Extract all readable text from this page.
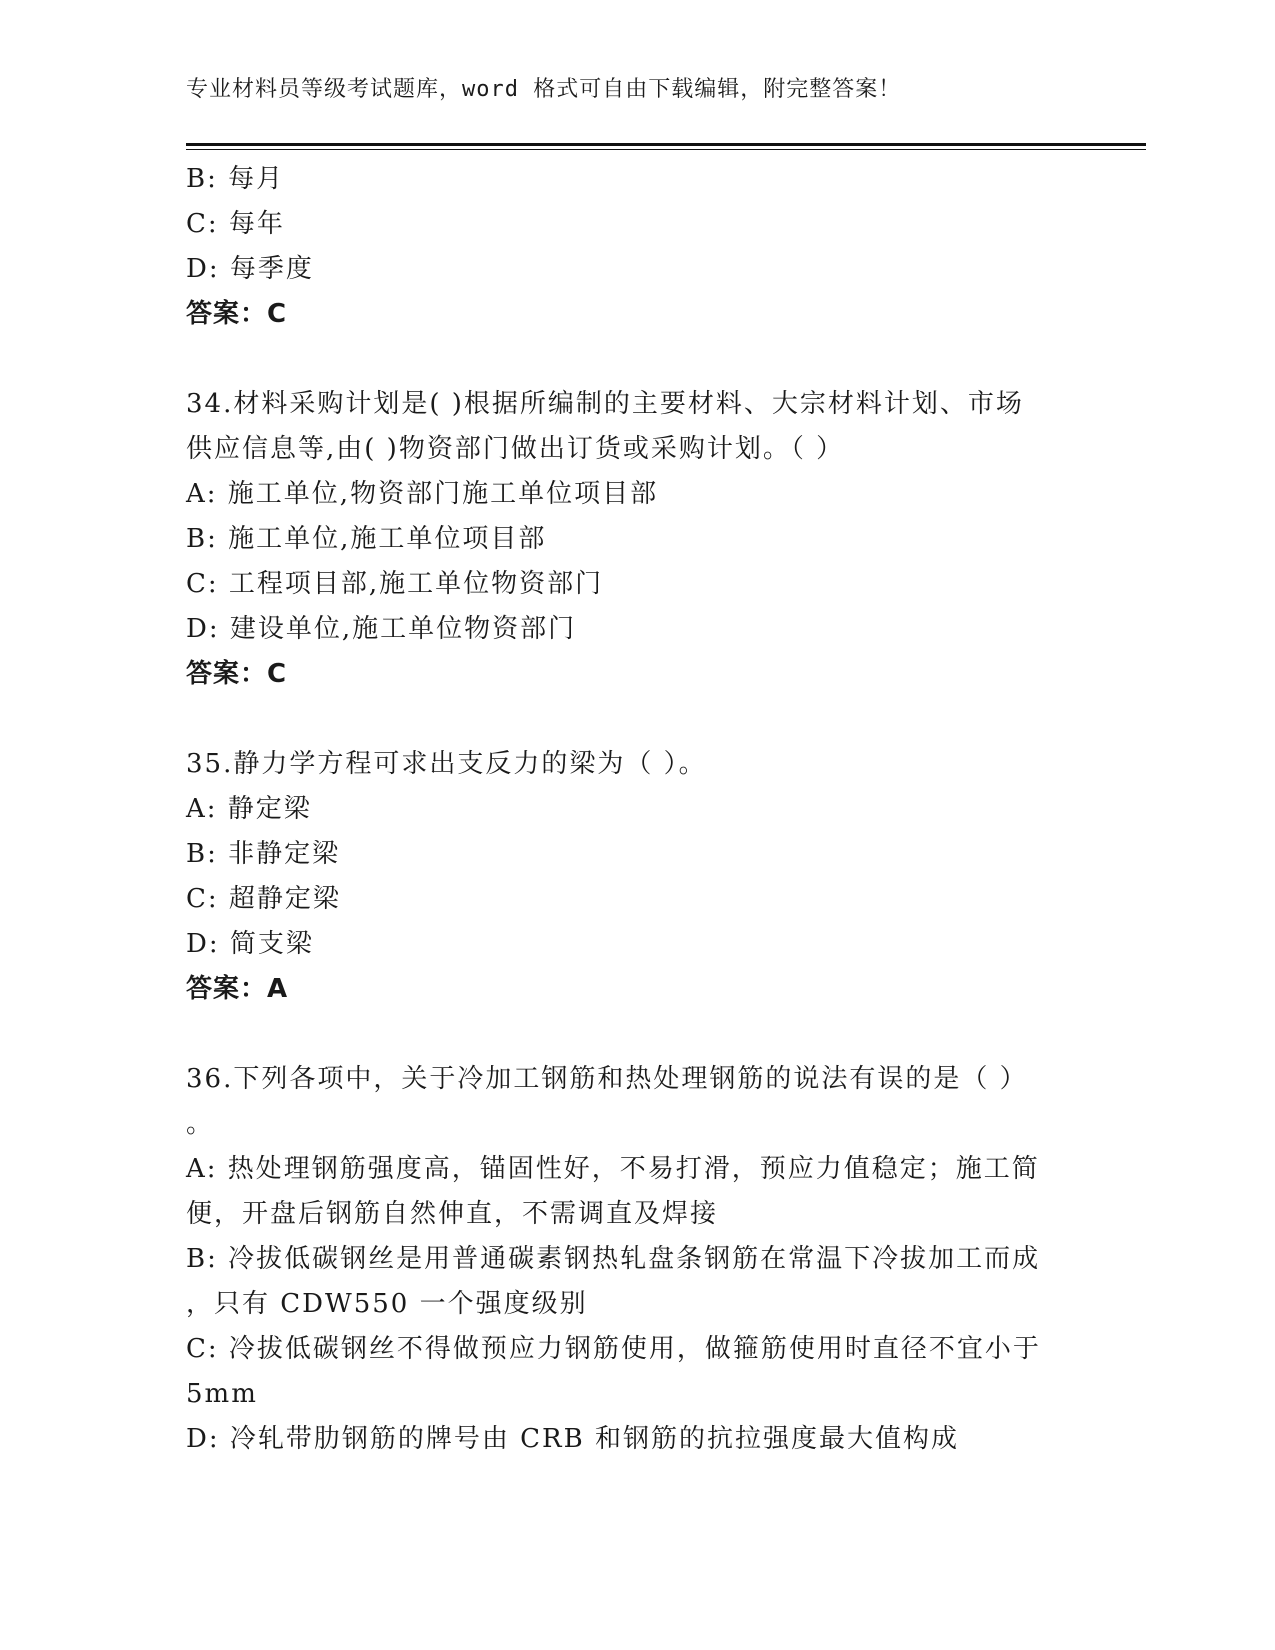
专业材料员等级考试题库，word 格式可自由下载编辑，附完整答案！
B: 每月
C: 每年
D: 每季度
答案：C
34.材料采购计划是( )根据所编制的主要材料、大宗材料计划、市场
供应信息等,由( )物资部门做出订货或采购计划。（ ）
A: 施工单位,物资部门施工单位项目部
B: 施工单位,施工单位项目部
C: 工程项目部,施工单位物资部门
D: 建设单位,施工单位物资部门
答案：C
35.静力学方程可求出支反力的梁为（ ）。
A: 静定梁
B: 非静定梁
C: 超静定梁
D: 简支梁
答案：A
36.下列各项中，关于冷加工钢筋和热处理钢筋的说法有误的是（ ）
。
A: 热处理钢筋强度高，锚固性好，不易打滑，预应力值稳定；施工简
便，开盘后钢筋自然伸直，不需调直及焊接
B: 冷拔低碳钢丝是用普通碳素钢热轧盘条钢筋在常温下冷拔加工而成
，只有 CDW550 一个强度级别
C: 冷拔低碳钢丝不得做预应力钢筋使用，做箍筋使用时直径不宜小于
5mm
D: 冷轧带肋钢筋的牌号由 CRB 和钢筋的抗拉强度最大值构成
